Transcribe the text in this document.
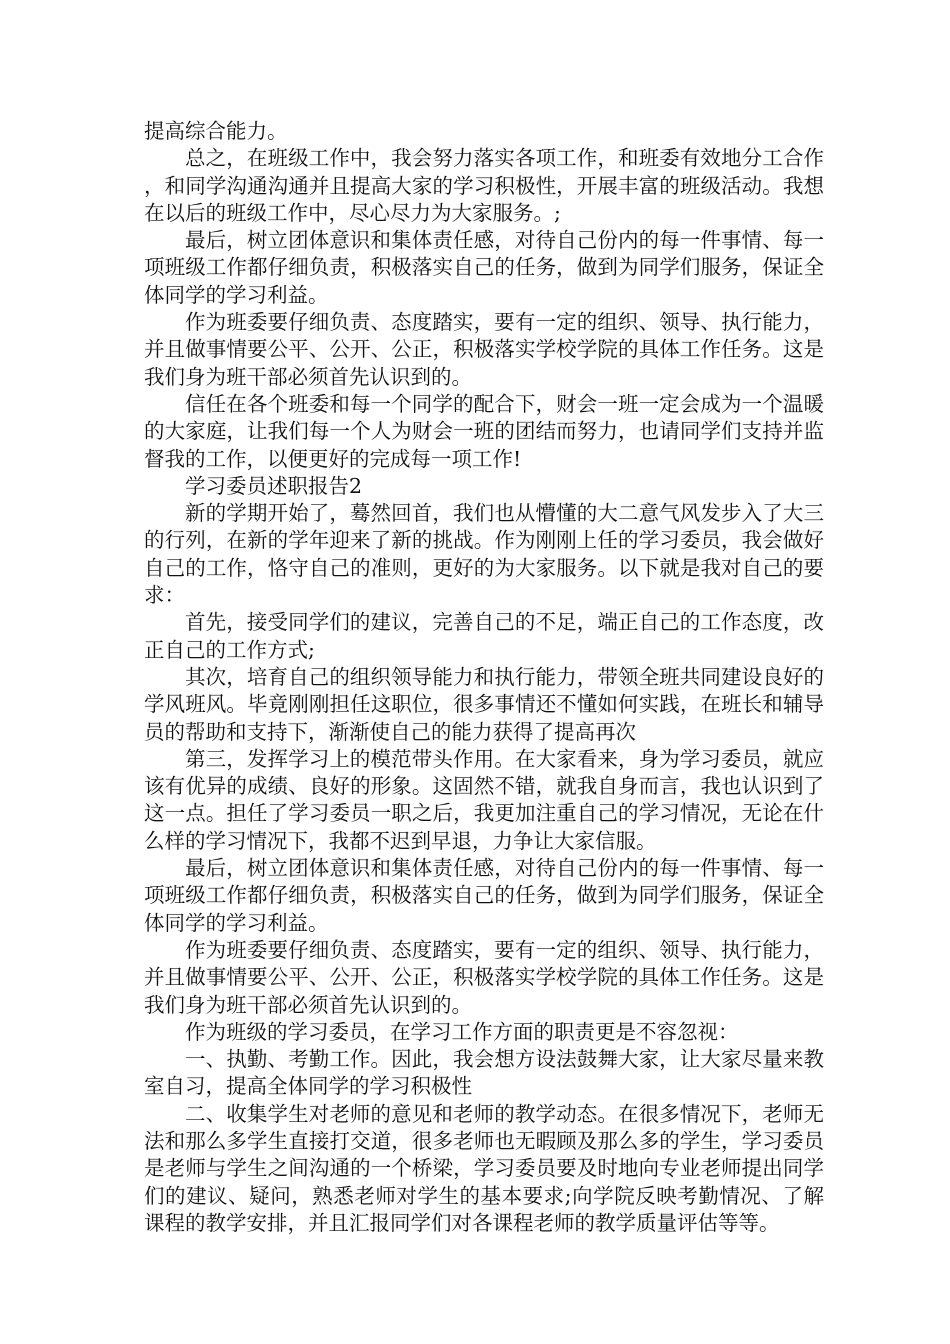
提高综合能力。

总之，在班级工作中，我会努力落实各项工作，和班委有效地分工合作，和同学沟通沟通并且提高大家的学习积极性，开展丰富的班级活动。我想在以后的班级工作中，尽心尽力为大家服务。;

最后，树立团体意识和集体责任感，对待自己份内的每一件事情、每一项班级工作都仔细负责，积极落实自己的任务，做到为同学们服务，保证全体同学的学习利益。

作为班委要仔细负责、态度踏实，要有一定的组织、领导、执行能力，并且做事情要公平、公开、公正，积极落实学校学院的具体工作任务。这是我们身为班干部必须首先认识到的。

信任在各个班委和每一个同学的配合下，财会一班一定会成为一个温暖的大家庭，让我们每一个人为财会一班的团结而努力，也请同学们支持并监督我的工作，以便更好的完成每一项工作!

学习委员述职报告2

新的学期开始了，蓦然回首，我们也从懵懂的大二意气风发步入了大三的行列，在新的学年迎来了新的挑战。作为刚刚上任的学习委员，我会做好自己的工作，恪守自己的准则，更好的为大家服务。以下就是我对自己的要求：

首先，接受同学们的建议，完善自己的不足，端正自己的工作态度，改正自己的工作方式;

其次，培育自己的组织领导能力和执行能力，带领全班共同建设良好的学风班风。毕竟刚刚担任这职位，很多事情还不懂如何实践，在班长和辅导员的帮助和支持下，渐渐使自己的能力获得了提高再次

第三，发挥学习上的模范带头作用。在大家看来，身为学习委员，就应该有优异的成绩、良好的形象。这固然不错，就我自身而言，我也认识到了这一点。担任了学习委员一职之后，我更加注重自己的学习情况，无论在什么样的学习情况下，我都不迟到早退，力争让大家信服。

最后，树立团体意识和集体责任感，对待自己份内的每一件事情、每一项班级工作都仔细负责，积极落实自己的任务，做到为同学们服务，保证全体同学的学习利益。

作为班委要仔细负责、态度踏实，要有一定的组织、领导、执行能力，并且做事情要公平、公开、公正，积极落实学校学院的具体工作任务。这是我们身为班干部必须首先认识到的。

作为班级的学习委员，在学习工作方面的职责更是不容忽视：

一、执勤、考勤工作。因此，我会想方设法鼓舞大家，让大家尽量来教室自习，提高全体同学的学习积极性

二、收集学生对老师的意见和老师的教学动态。在很多情况下，老师无法和那么多学生直接打交道，很多老师也无暇顾及那么多的学生，学习委员是老师与学生之间沟通的一个桥梁，学习委员要及时地向专业老师提出同学们的建议、疑问，熟悉老师对学生的基本要求;向学院反映考勤情况、了解课程的教学安排，并且汇报同学们对各课程老师的教学质量评估等等。
